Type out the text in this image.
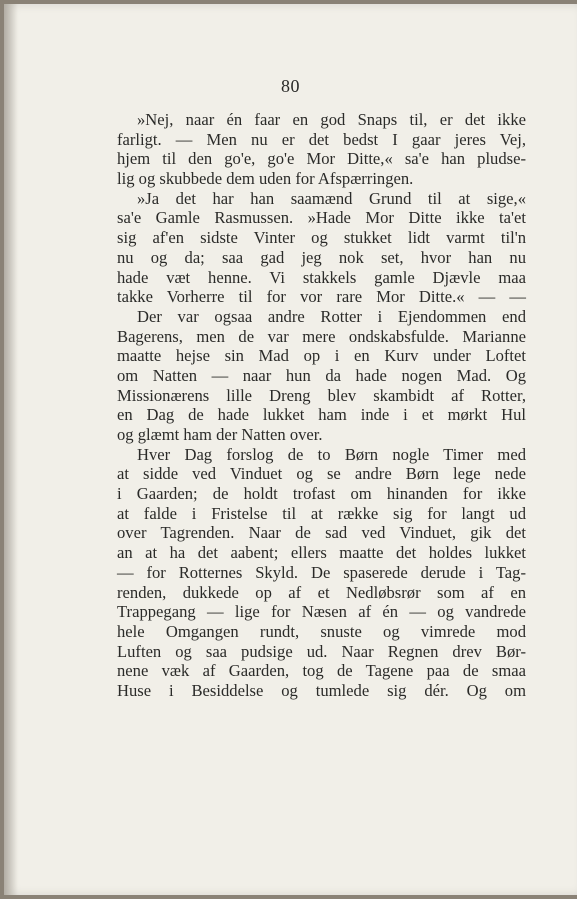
80
»Nej, naar én faar en god Snaps til, er det ikke
farligt. — Men nu er det bedst I gaar jeres Vej,
hjem til den go'e, go'e Mor Ditte,« sa'e han pludse-
lig og skubbede dem uden for Afspærringen.
»Ja det har han saamænd Grund til at sige,«
sa'e Gamle Rasmussen. »Hade Mor Ditte ikke ta'et
sig af'en sidste Vinter og stukket lidt varmt til'n
nu og da; saa gad jeg nok set, hvor han nu
hade væt henne. Vi stakkels gamle Djævle maa
takke Vorherre til for vor rare Mor Ditte.« — —
Der var ogsaa andre Rotter i Ejendommen end
Bagerens, men de var mere ondskabsfulde. Marianne
maatte hejse sin Mad op i en Kurv under Loftet
om Natten — naar hun da hade nogen Mad. Og
Missionærens lille Dreng blev skambidt af Rotter,
en Dag de hade lukket ham inde i et mørkt Hul
og glæmt ham der Natten over.
Hver Dag forslog de to Børn nogle Timer med
at sidde ved Vinduet og se andre Børn lege nede
i Gaarden; de holdt trofast om hinanden for ikke
at falde i Fristelse til at række sig for langt ud
over Tagrenden. Naar de sad ved Vinduet, gik det
an at ha det aabent; ellers maatte det holdes lukket
— for Rotternes Skyld. De spaserede derude i Tag-
renden, dukkede op af et Nedløbsrør som af en
Trappegang — lige for Næsen af én — og vandrede
hele Omgangen rundt, snuste og vimrede mod
Luften og saa pudsige ud. Naar Regnen drev Bør-
nene væk af Gaarden, tog de Tagene paa de smaa
Huse i Besiddelse og tumlede sig dér. Og om
